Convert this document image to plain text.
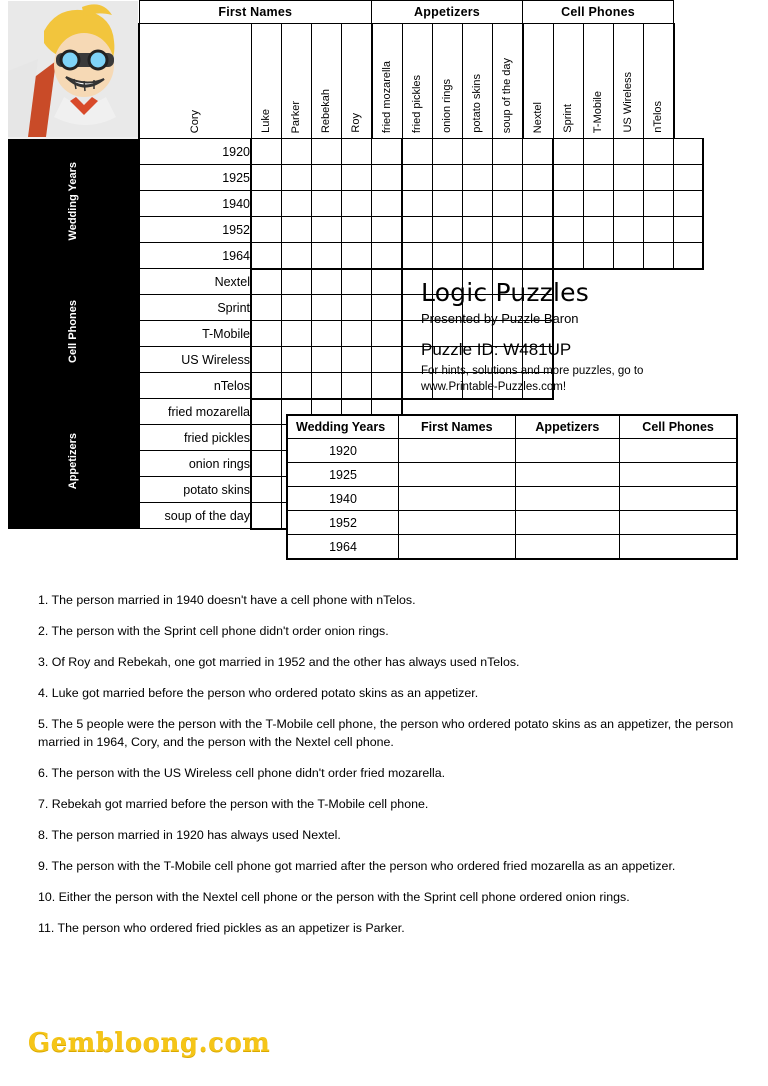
	First Names					Appetizers					Cell Phones					
	Cory	Luke	Parker	Rebekah	Roy	fried mozarella	fried pickles	onion rings	potato skins	soup of the day	Nextel	Sprint	T-Mobile	US Wireless	nTelos	
Wedding Years	1920															
	1925															
	1940															
	1952															
	1964															
Cell Phones	Nextel															
	Sprint															
	T-Mobile															
	US Wireless															
	nTelos															
Appetizers	fried mozarella															
	fried pickles															
	onion rings															
	potato skins															
	soup of the day															
Logic Puzzles

Presented by Puzzle Baron

Puzzle ID: W481UP

For hints, solutions and more puzzles, go to

www.Printable-Puzzles.com!

Wedding Years	First Names	Appetizers	Cell Phones
1920			
1925			
1940			
1952			
1964			
1. The person married in 1940 doesn't have a cell phone with nTelos.
2. The person with the Sprint cell phone didn't order onion rings.
3. Of Roy and Rebekah, one got married in 1952 and the other has always used nTelos.
4. Luke got married before the person who ordered potato skins as an appetizer.
5. The 5 people were the person with the T-Mobile cell phone, the person who ordered potato skins as an appetizer, the person married in 1964, Cory, and the person with the Nextel cell phone.
6. The person with the US Wireless cell phone didn't order fried mozarella.
7. Rebekah got married before the person with the T-Mobile cell phone.
8. The person married in 1920 has always used Nextel.
9. The person with the T-Mobile cell phone got married after the person who ordered fried mozarella as an appetizer.
10. Either the person with the Nextel cell phone or the person with the Sprint cell phone ordered onion rings.
11. The person who ordered fried pickles as an appetizer is Parker.
Gembloong.com
